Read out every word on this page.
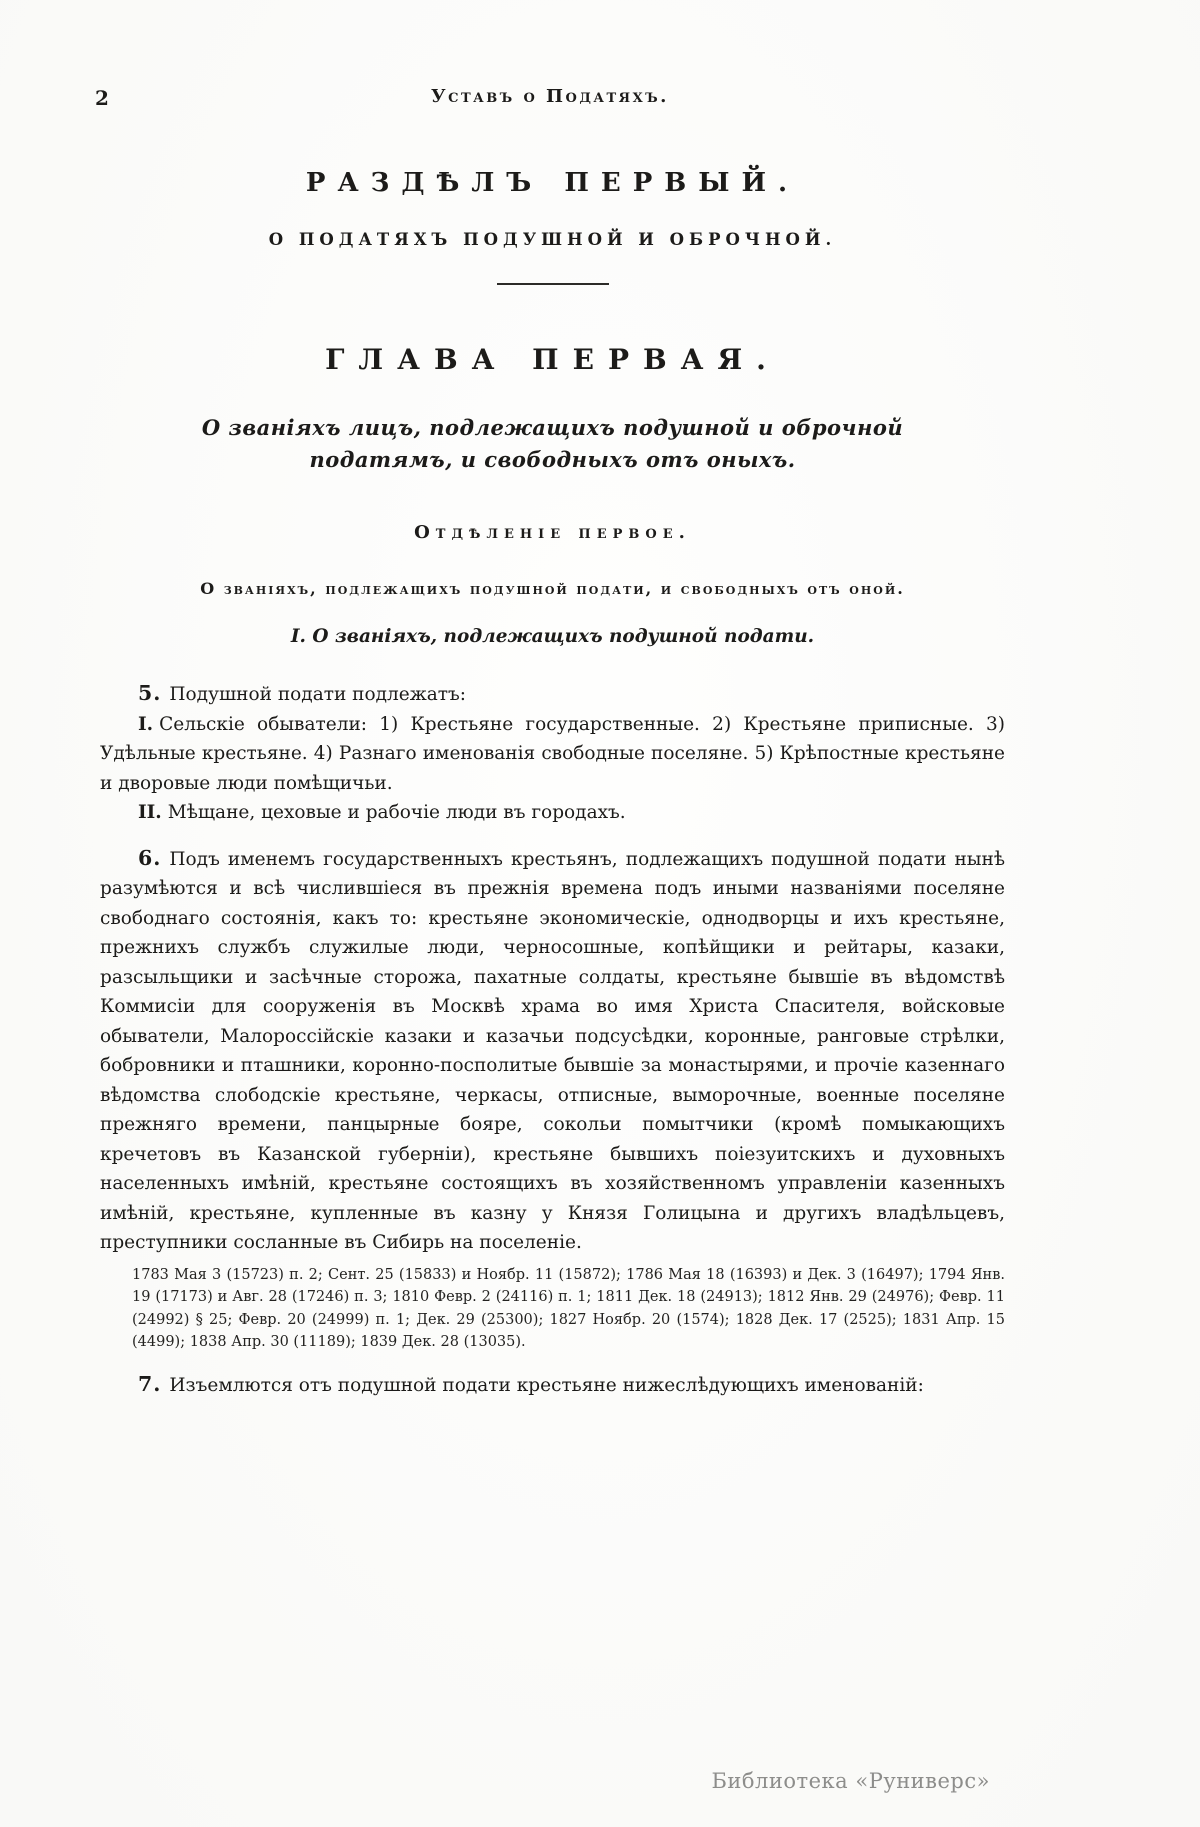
2	Уставъ о Податяхъ.
РАЗДѢЛЪ ПЕРВЫЙ.
О ПОДАТЯХЪ ПОДУШНОЙ И ОБРОЧНОЙ.
ГЛАВА ПЕРВАЯ.

О званіяхъ лицъ, подлежащихъ подушной и оброчной податямъ, и свободныхъ отъ оныхъ.

Отдѣленіе первое.

О званіяхъ, подлежащихъ подушной подати, и свободныхъ отъ оной.

I. О званіяхъ, подлежащихъ подушной подати.

5. Подушной подати подлежатъ:

I. Сельскіе обыватели: 1) Крестьяне государственные. 2) Крестьяне приписные. 3) Удѣльные крестьяне. 4) Разнаго именованія свободные поселяне. 5) Крѣпостные крестьяне и дворовые люди помѣщичьи.

II. Мѣщане, цеховые и рабочіе люди въ городахъ.

6. Подъ именемъ государственныхъ крестьянъ, подлежащихъ подушной подати нынѣ разумѣются и всѣ числившіеся въ прежнія времена подъ иными названіями поселяне свободнаго состоянія, какъ то: крестьяне экономическіе, однодворцы и ихъ крестьяне, прежнихъ службъ служилые люди, черносошные, копѣйщики и рейтары, казаки, разсыльщики и засѣчные сторожа, пахатные солдаты, крестьяне бывшіе въ вѣдомствѣ Коммисіи для сооруженія въ Москвѣ храма во имя Христа Спасителя, войсковые обыватели, Малороссійскіе казаки и казачьи подсусѣдки, коронные, ранговые стрѣлки, бобровники и пташники, коронно-посполитые бывшіе за монастырями, и прочіе казеннаго вѣдомства слободскіе крестьяне, черкасы, отписные, выморочные, военные поселяне прежняго времени, панцырные бояре, сокольи помытчики (кромѣ помыкающихъ кречетовъ въ Казанской губерніи), крестьяне бывшихъ поіезуитскихъ и духовныхъ населенныхъ имѣній, крестьяне состоящихъ въ хозяйственномъ управленіи казенныхъ имѣній, крестьяне, купленные въ казну у Князя Голицына и другихъ владѣльцевъ, преступники сосланные въ Сибирь на поселеніе.

1783 Мая 3 (15723) п. 2; Сент. 25 (15833) и Ноябр. 11 (15872); 1786 Мая 18 (16393) и Дек. 3 (16497); 1794 Янв. 19 (17173) и Авг. 28 (17246) п. 3; 1810 Февр. 2 (24116) п. 1; 1811 Дек. 18 (24913); 1812 Янв. 29 (24976); Февр. 11 (24992) § 25; Февр. 20 (24999) п. 1; Дек. 29 (25300); 1827 Ноябр. 20 (1574); 1828 Дек. 17 (2525); 1831 Апр. 15 (4499); 1838 Апр. 30 (11189); 1839 Дек. 28 (13035).

7. Изъемлются отъ подушной подати крестьяне нижеслѣдующихъ именованій:

Библиотека «Руниверс»
